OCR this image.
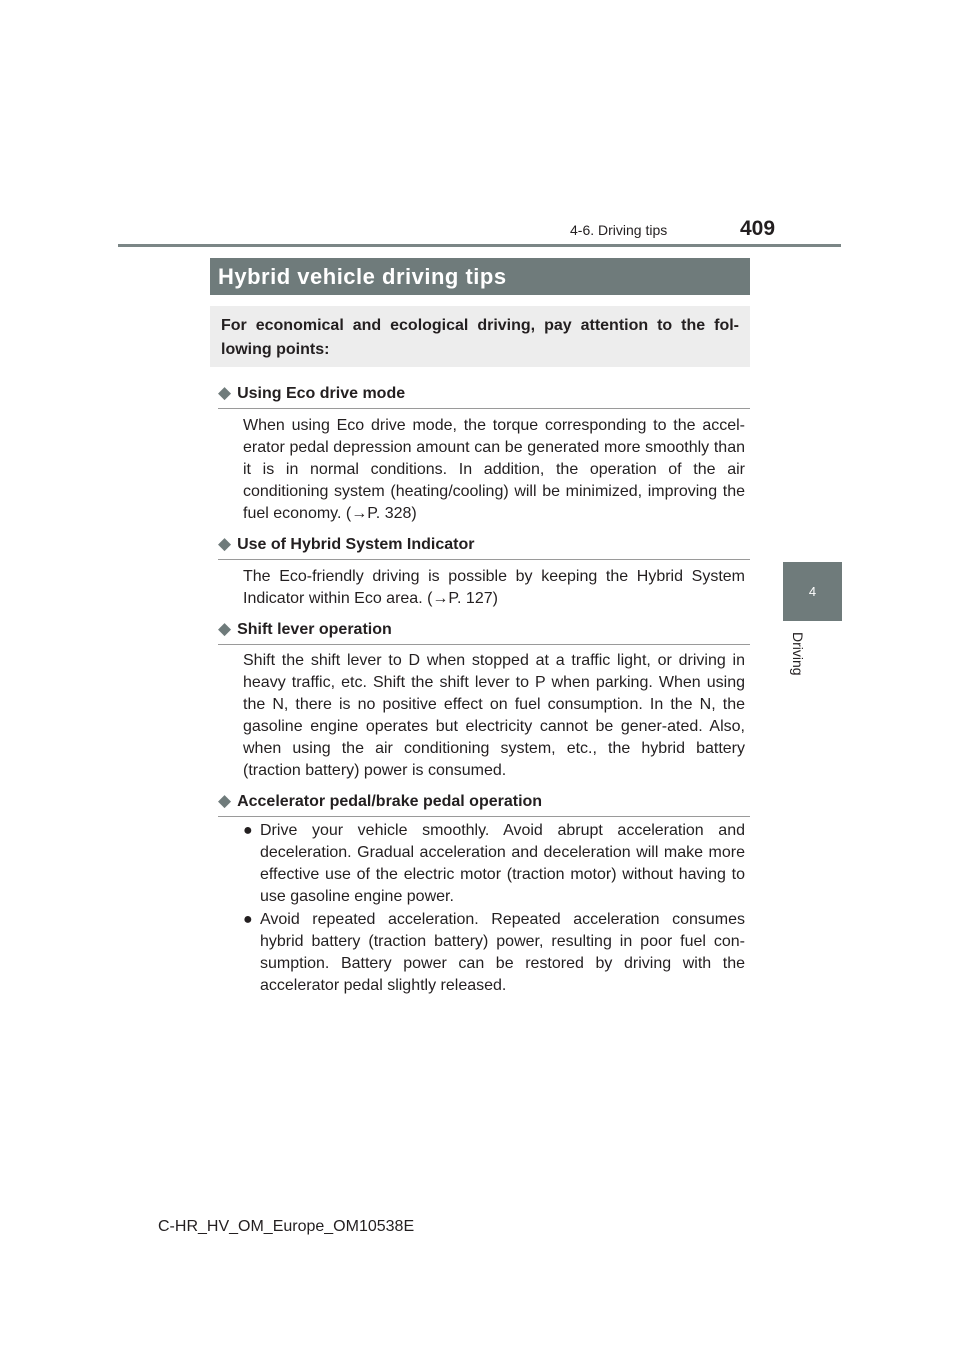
4-6. Driving tips	409
4
Driving
Hybrid vehicle driving tips
For economical and ecological driving, pay attention to the fol-lowing points:
◆ Using Eco drive mode

When using Eco drive mode, the torque corresponding to the accel-erator pedal depression amount can be generated more smoothly than it is in normal conditions. In addition, the operation of the air conditioning system (heating/cooling) will be minimized, improving the fuel economy. (→P. 328)

◆ Use of Hybrid System Indicator

The Eco-friendly driving is possible by keeping the Hybrid System Indicator within Eco area. (→P. 127)

◆ Shift lever operation

Shift the shift lever to D when stopped at a traffic light, or driving in heavy traffic, etc. Shift the shift lever to P when parking. When using the N, there is no positive effect on fuel consumption. In the N, the gasoline engine operates but electricity cannot be gener-ated. Also, when using the air conditioning system, etc., the hybrid battery (traction battery) power is consumed.

◆ Accelerator pedal/brake pedal operation
● Drive your vehicle smoothly. Avoid abrupt acceleration and deceleration. Gradual acceleration and deceleration will make more effective use of the electric motor (traction motor) without having to use gasoline engine power.
● Avoid repeated acceleration. Repeated acceleration consumes hybrid battery (traction battery) power, resulting in poor fuel con-sumption. Battery power can be restored by driving with the accelerator pedal slightly released.
C-HR_HV_OM_Europe_OM10538E
